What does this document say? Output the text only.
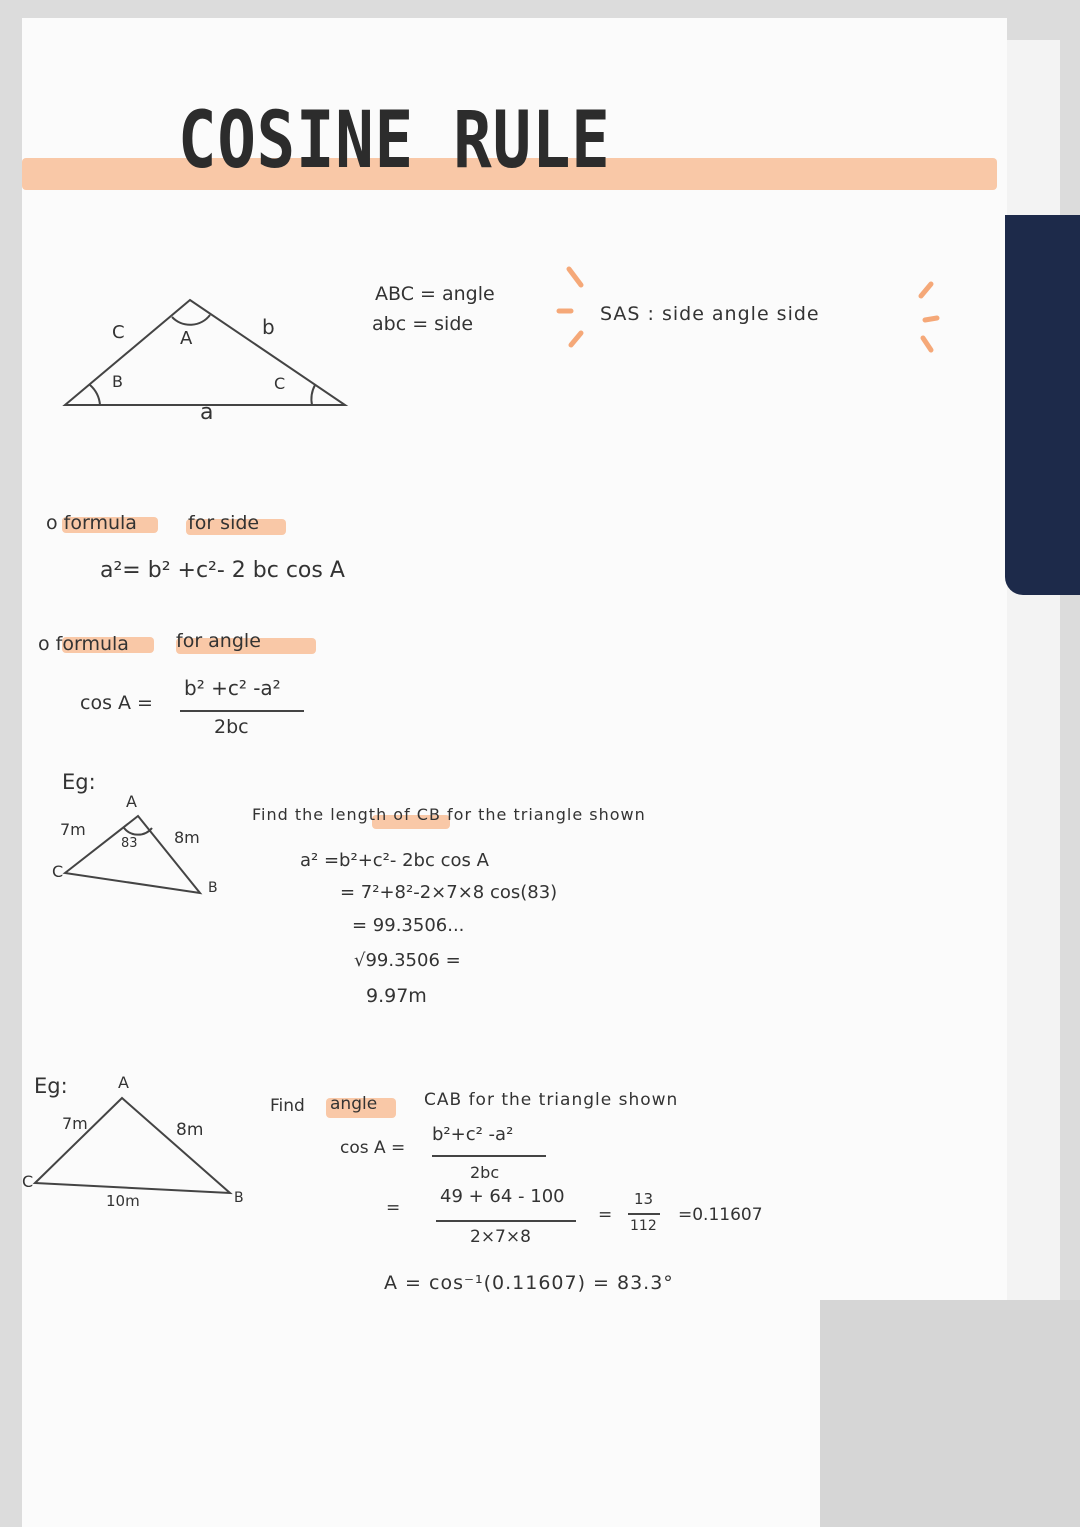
COSINE RULE
C	A	b
B	C
a
ABC = angle
abc = side	SAS : side angle side
o formula	for side
a²= b² +c²- 2 bc cos A
o formula for angle
cos A =
b² +c² -a²
2bc
Eg:
A
7m
83 8m
C
B
Find the length of CB for the triangle shown
a² =b²+c²- 2bc cos A
= 7²+8²-2×7×8 cos(83)
= 99.3506...
√99.3506 =
9.97m
Eg:	A
7m	8m
C
10m	B
Find angle	CAB for the triangle shown
cos A =
b²+c² -a²
2bc
=
49 + 64 - 100
2×7×8
=
13
112
=0.11607
A = cos⁻¹(0.11607) = 83.3°
